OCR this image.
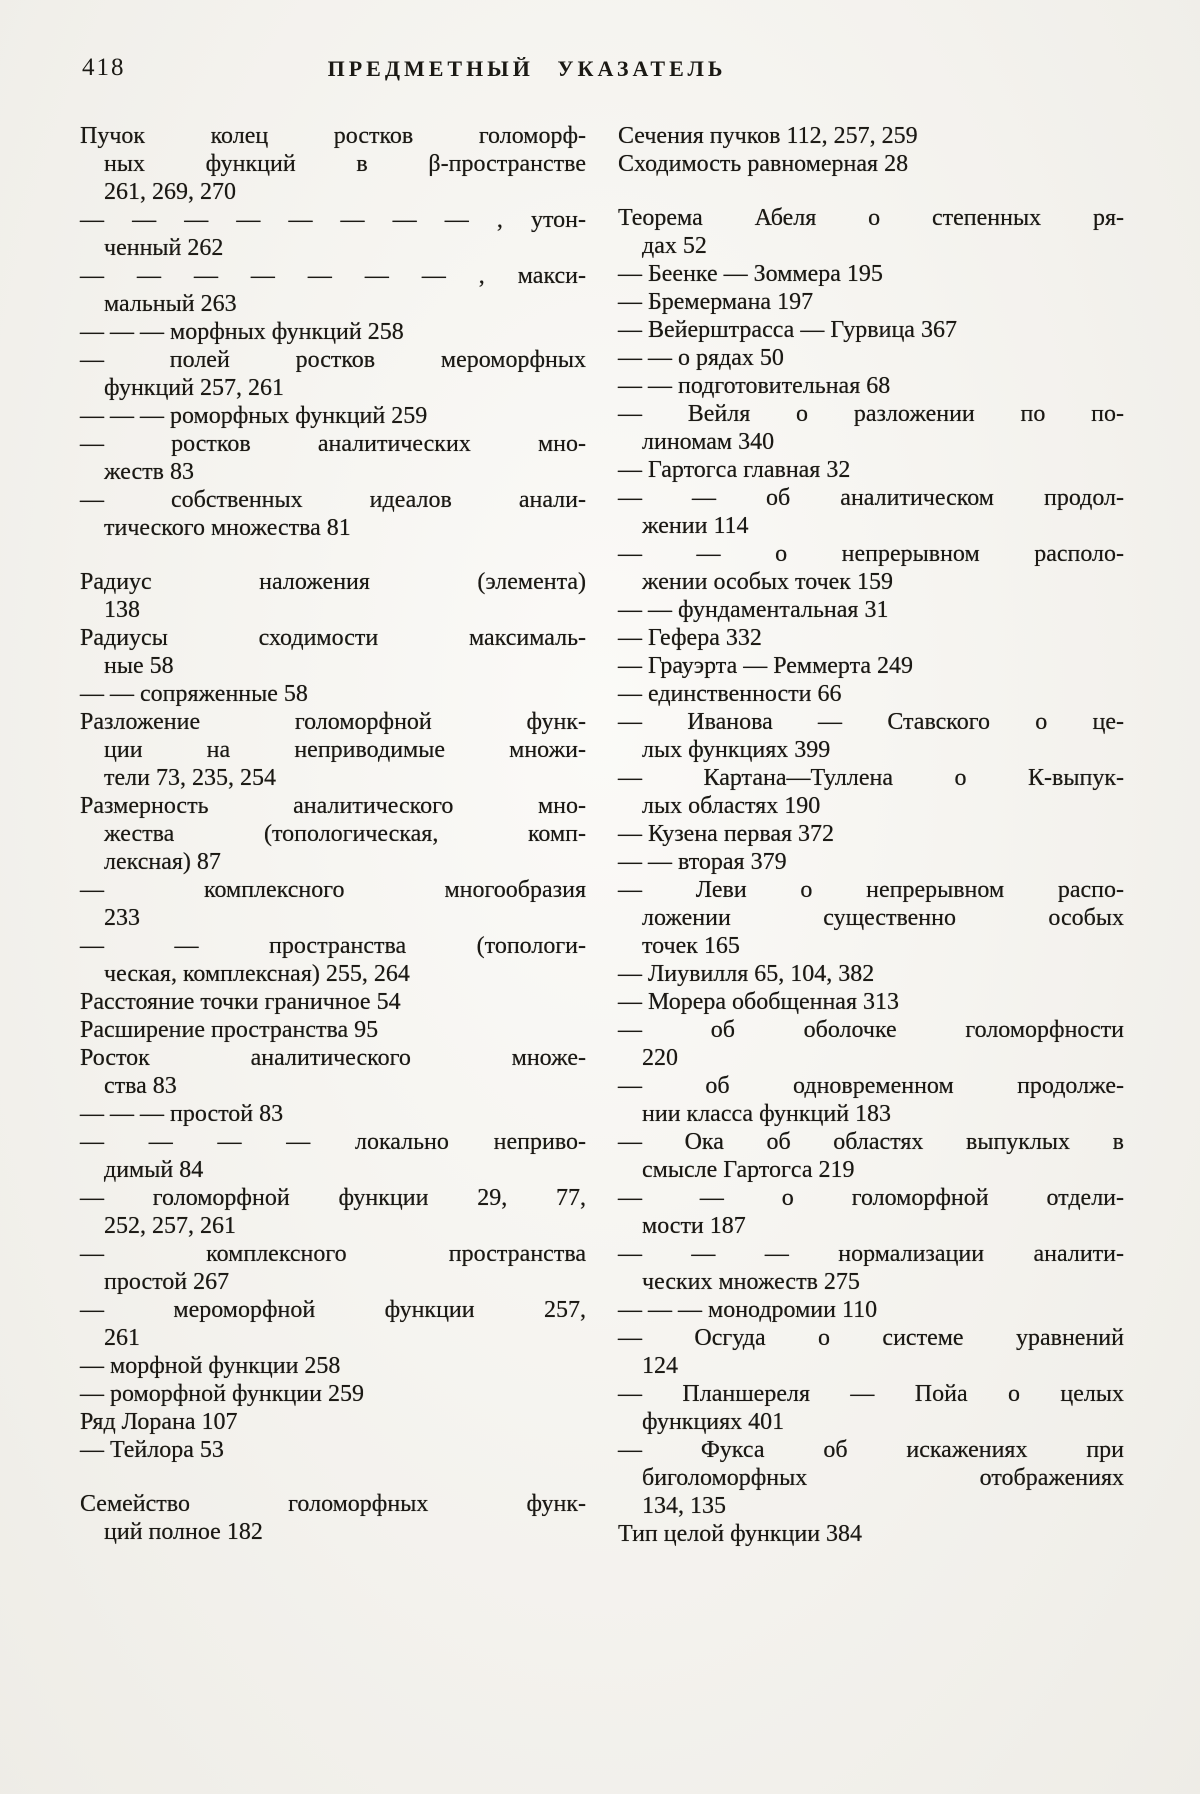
418	ПРЕДМЕТНЫЙ УКАЗАТЕЛЬ
Пучок колец ростков голоморф-
ных функций в β-пространстве
261, 269, 270
— — — — — — — — , утон-
ченный 262
— — — — — — — , макси-
мальный 263
— — — морфных функций 258
— полей ростков мероморфных
функций 257, 261
— — — роморфных функций 259
— ростков аналитических мно-
жеств 83
— собственных идеалов анали-
тического множества 81
Радиус наложения (элемента)
138
Радиусы сходимости максималь-
ные 58
— — сопряженные 58
Разложение голоморфной функ-
ции на неприводимые множи-
тели 73, 235, 254
Размерность аналитического мно-
жества (топологическая, комп-
лексная) 87
— комплексного многообразия
233
— — пространства (топологи-
ческая, комплексная) 255, 264
Расстояние точки граничное 54
Расширение пространства 95
Росток аналитического множе-
ства 83
— — — простой 83
— — — — локально неприво-
димый 84
— голоморфной функции 29, 77,
252, 257, 261
— комплексного пространства
простой 267
— мероморфной функции 257,
261
— морфной функции 258
— роморфной функции 259
Ряд Лорана 107
— Тейлора 53
Семейство голоморфных функ-
ций полное 182
Сечения пучков 112, 257, 259
Сходимость равномерная 28
Теорема Абеля о степенных ря-
дах 52
— Беенке — Зоммера 195
— Бремермана 197
— Вейерштрасса — Гурвица 367
— — о рядах 50
— — подготовительная 68
— Вейля о разложении по по-
линомам 340
— Гартогса главная 32
— — об аналитическом продол-
жении 114
— — о непрерывном располо-
жении особых точек 159
— — фундаментальная 31
— Гефера 332
— Грауэрта — Реммерта 249
— единственности 66
— Иванова — Ставского о це-
лых функциях 399
— Картана—Туллена о К-выпук-
лых областях 190
— Кузена первая 372
— — вторая 379
— Леви о непрерывном распо-
ложении существенно особых
точек 165
— Лиувилля 65, 104, 382
— Морера обобщенная 313
— об оболочке голоморфности
220
— об одновременном продолже-
нии класса функций 183
— Ока об областях выпуклых в
смысле Гартогса 219
— — о голоморфной отдели-
мости 187
— — — нормализации аналити-
ческих множеств 275
— — — монодромии 110
— Осгуда о системе уравнений
124
— Планшереля — Пойа о целых
функциях 401
— Фукса об искажениях при
биголоморфных отображениях
134, 135
Тип целой функции 384
